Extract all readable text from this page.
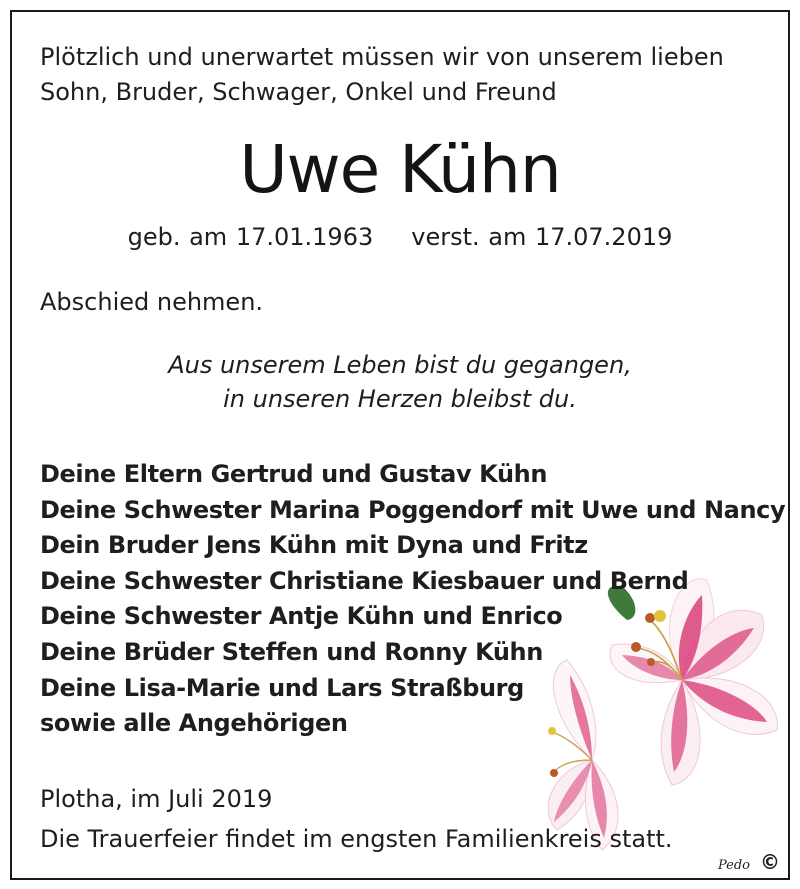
Plötzlich und unerwartet müssen wir von unserem lieben
Sohn, Bruder, Schwager, Onkel und Freund
Uwe Kühn
geb. am 17.01.1963 verst. am 17.07.2019
Abschied nehmen.
Aus unserem Leben bist du gegangen,
in unseren Herzen bleibst du.
Deine Eltern Gertrud und Gustav Kühn
Deine Schwester Marina Poggendorf mit Uwe und Nancy
Dein Bruder Jens Kühn mit Dyna und Fritz
Deine Schwester Christiane Kiesbauer und Bernd
Deine Schwester Antje Kühn und Enrico
Deine Brüder Steffen und Ronny Kühn
Deine Lisa-Marie und Lars Straßburg
sowie alle Angehörigen
Plotha, im Juli 2019
Die Trauerfeier findet im engsten Familienkreis statt.
Pedo ©
